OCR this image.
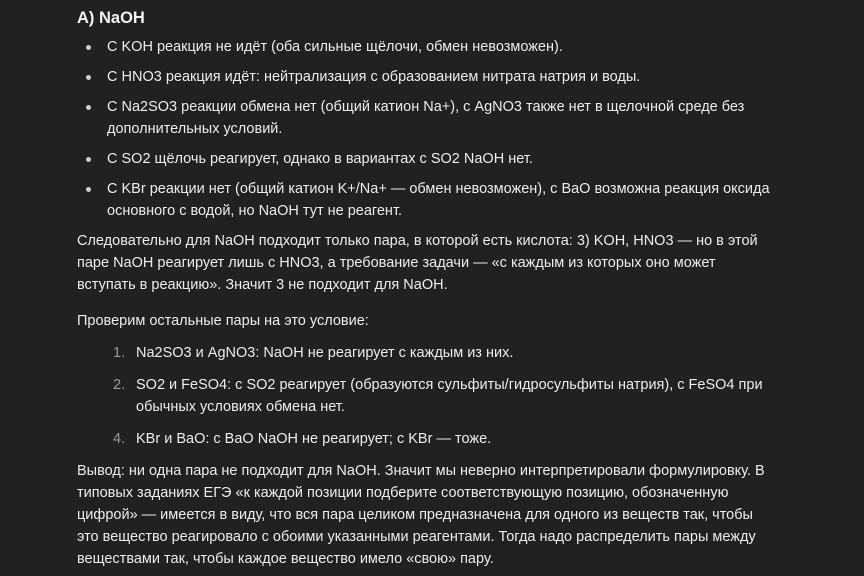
A) NaOH
С KOH реакция не идёт (оба сильные щёлочи, обмен невозможен).
С HNO3 реакция идёт: нейтрализация с образованием нитрата натрия и воды.
С Na2SO3 реакции обмена нет (общий катион Na+), с AgNO3 также нет в щелочной среде без дополнительных условий.
С SO2 щёлочь реагирует, однако в вариантах с SO2 NaOH нет.
С KBr реакции нет (общий катион K+/Na+ — обмен невозможен), с BaO возможна реакция оксида основного с водой, но NaOH тут не реагент.

Следовательно для NaOH подходит только пара, в которой есть кислота: 3) KOH, HNO3 — но в этой паре NaOH реагирует лишь с HNO3, а требование задачи — «с каждым из которых оно может вступать в реакцию». Значит 3 не подходит для NaOH.

Проверим остальные пары на это условие:

1. Na2SO3 и AgNO3: NaOH не реагирует с каждым из них.
2. SO2 и FeSO4: с SO2 реагирует (образуются сульфиты/гидросульфиты натрия), с FeSO4 при обычных условиях обмена нет.
4. KBr и BaO: с BaO NaOH не реагирует; с KBr — тоже.

Вывод: ни одна пара не подходит для NaOH. Значит мы неверно интерпретировали формулировку. В типовых заданиях ЕГЭ «к каждой позиции подберите соответствующую позицию, обозначенную цифрой» — имеется в виду, что вся пара целиком предназначена для одного из веществ так, чтобы это вещество реагировало с обоими указанными реагентами. Тогда надо распределить пары между веществами так, чтобы каждое вещество имело «свою» пару.
